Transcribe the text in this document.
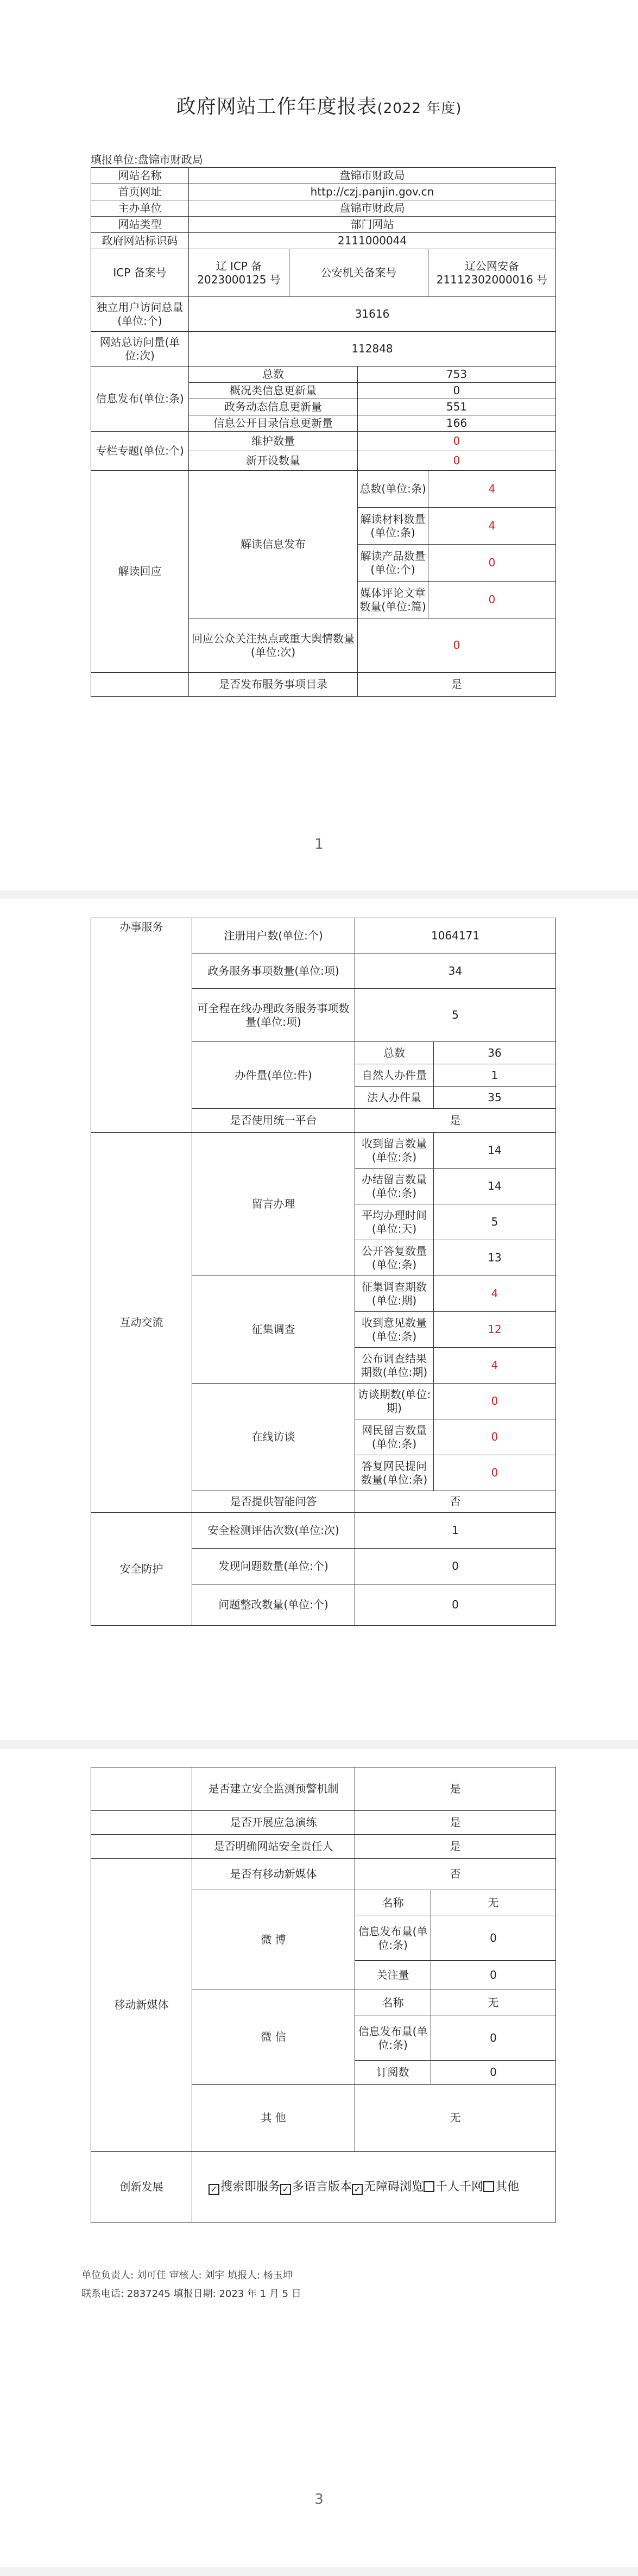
政府网站工作年度报表(2022 年度)
填报单位:盘锦市财政局
网站名称	盘锦市财政局			
首页网址	http://czj.panjin.gov.cn			
主办单位	盘锦市财政局			
网站类型	部门网站			
政府网站标识码	2111000044			
ICP 备案号	辽 ICP 备 2023000125 号	公安机关备案号		辽公网安备 21112302000016 号
独立用户访问总量(单位:个)	31616			
网站总访问量(单位:次)	112848			
信息发布(单位:条)	总数		753	
	概况类信息更新量		0	
	政务动态信息更新量		551	
	信息公开目录信息更新量		166	
专栏专题(单位:个)	维护数量		0	
	新开设数量		0	
解读回应	解读信息发布		总数(单位:条)	4
			解读材料数量(单位:条)	4
			解读产品数量(单位:个)	0
			媒体评论文章数量(单位:篇)	0
	回应公众关注热点或重大舆情数量(单位:次)		0	
	是否发布服务事项目录		是	
1
办事服务	注册用户数(单位:个)	1064171	
	政务服务事项数量(单位:项)	34	
	可全程在线办理政务服务事项数量(单位:项)	5	
	办件量(单位:件)	总数	36
		自然人办件量	1
		法人办件量	35
	是否使用统一平台	是	
互动交流	留言办理	收到留言数量(单位:条)	14
		办结留言数量(单位:条)	14
		平均办理时间(单位:天)	5
		公开答复数量(单位:条)	13
	征集调查	征集调查期数(单位:期)	4
		收到意见数量(单位:条)	12
		公布调查结果期数(单位:期)	4
	在线访谈	访谈期数(单位:期)	0
		网民留言数量(单位:条)	0
		答复网民提问数量(单位:条)	0
	是否提供智能问答	否	
安全防护	安全检测评估次数(单位:次)	1	
	发现问题数量(单位:个)	0	
	问题整改数量(单位:个)	0	
	是否建立安全监测预警机制	是	
	是否开展应急演练	是	
	是否明确网站安全责任人	是	
移动新媒体	是否有移动新媒体	否	
	微 博	名称	无
		信息发布量(单位:条)	0
		关注量	0
	微 信	名称	无
		信息发布量(单位:条)	0
		订阅数	0
	其 他	无	
创新发展	✓ 搜索即服务 ✓ 多语言版本 ✓ 无障碍浏览 千人千网 其他		
单位负责人: 刘可佳 审核人: 刘宇 填报人: 杨玉坤
联系电话: 2837245 填报日期: 2023 年 1 月 5 日
3
